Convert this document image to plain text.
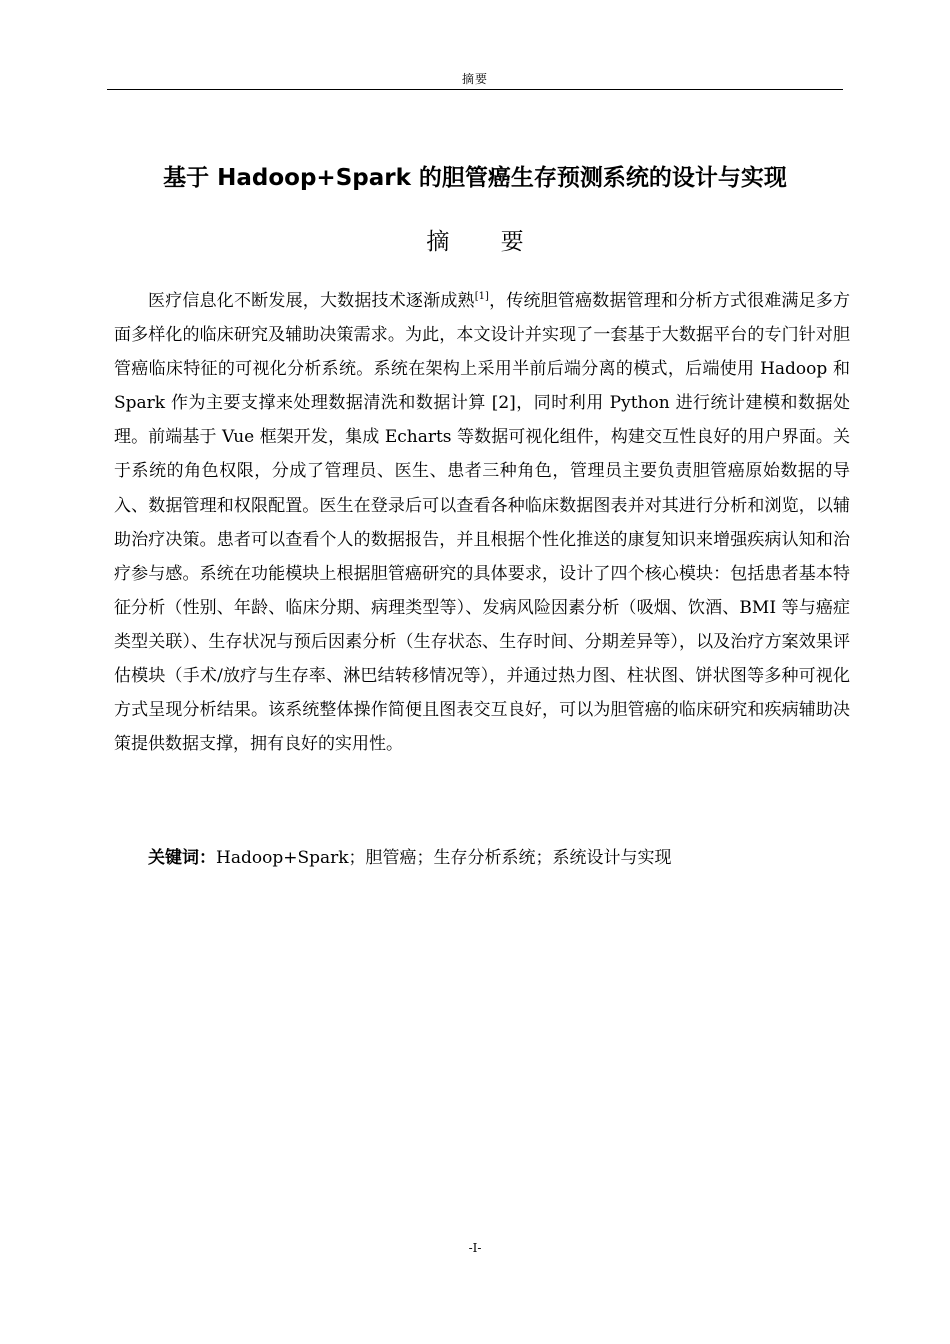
摘要
基于 Hadoop+Spark 的胆管癌生存预测系统的设计与实现
摘 要

医疗信息化不断发展，大数据技术逐渐成熟[1]，传统胆管癌数据管理和分析方式很难满足多方面多样化的临床研究及辅助决策需求。为此，本文设计并实现了一套基于大数据平台的专门针对胆管癌临床特征的可视化分析系统。系统在架构上采用半前后端分离的模式，后端使用 Hadoop 和 Spark 作为主要支撑来处理数据清洗和数据计算 [2]，同时利用 Python 进行统计建模和数据处理。前端基于 Vue 框架开发，集成 Echarts 等数据可视化组件，构建交互性良好的用户界面。关于系统的角色权限，分成了管理员、医生、患者三种角色，管理员主要负责胆管癌原始数据的导入、数据管理和权限配置。医生在登录后可以查看各种临床数据图表并对其进行分析和浏览，以辅助治疗决策。患者可以查看个人的数据报告，并且根据个性化推送的康复知识来增强疾病认知和治疗参与感。系统在功能模块上根据胆管癌研究的具体要求，设计了四个核心模块：包括患者基本特征分析（性别、年龄、临床分期、病理类型等）、发病风险因素分析（吸烟、饮酒、BMI 等与癌症类型关联）、生存状况与预后因素分析（生存状态、生存时间、分期差异等），以及治疗方案效果评估模块（手术/放疗与生存率、淋巴结转移情况等），并通过热力图、柱状图、饼状图等多种可视化方式呈现分析结果。该系统整体操作简便且图表交互良好，可以为胆管癌的临床研究和疾病辅助决策提供数据支撑，拥有良好的实用性。

关键词：Hadoop+Spark；胆管癌；生存分析系统；系统设计与实现
-I-
